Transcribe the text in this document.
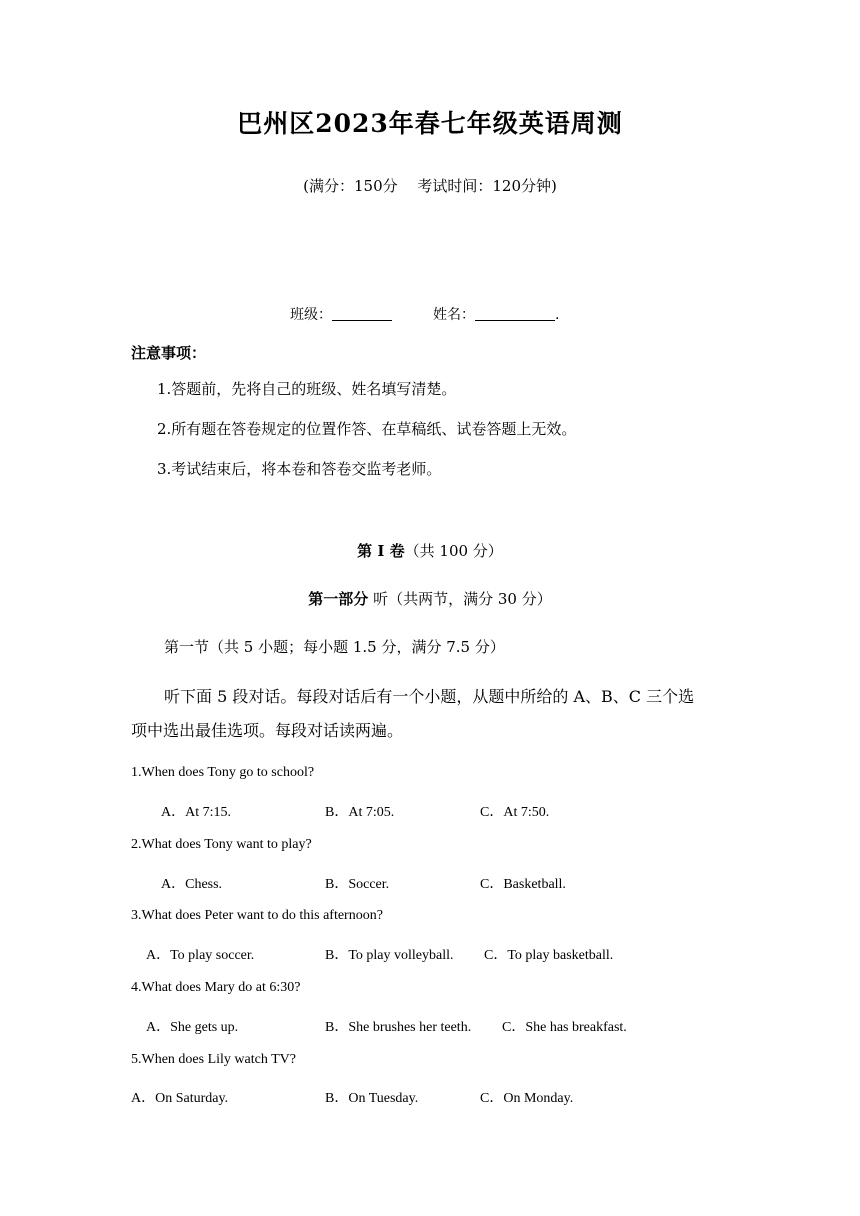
巴州区2023年春七年级英语周测
(满分：150分　 考试时间：120分钟)
班级：	姓名：	.
注意事项：
1.答题前，先将自己的班级、姓名填写清楚。
2.所有题在答卷规定的位置作答、在草稿纸、试卷答题上无效。
3.考试结束后，将本卷和答卷交监考老师。
第 I 卷（共 100 分）
第一部分 听（共两节，满分 30 分）
第一节（共 5 小题；每小题 1.5 分，满分 7.5 分）
听下面 5 段对话。每段对话后有一个小题，从题中所给的 A、B、C 三个选
项中选出最佳选项。每段对话读两遍。
1.When does Tony go to school?
A．At 7:15.	B．At 7:05.	C．At 7:50.
2.What does Tony want to play?
A．Chess.	B．Soccer.	C．Basketball.
3.What does Peter want to do this afternoon?
A．To play soccer.	B．To play volleyball. C．To play basketball.
4.What does Mary do at 6:30?
A．She gets up.	B．She brushes her teeth. C．She has breakfast.
5.When does Lily watch TV?
A．On Saturday.	B．On Tuesday.	C．On Monday.
